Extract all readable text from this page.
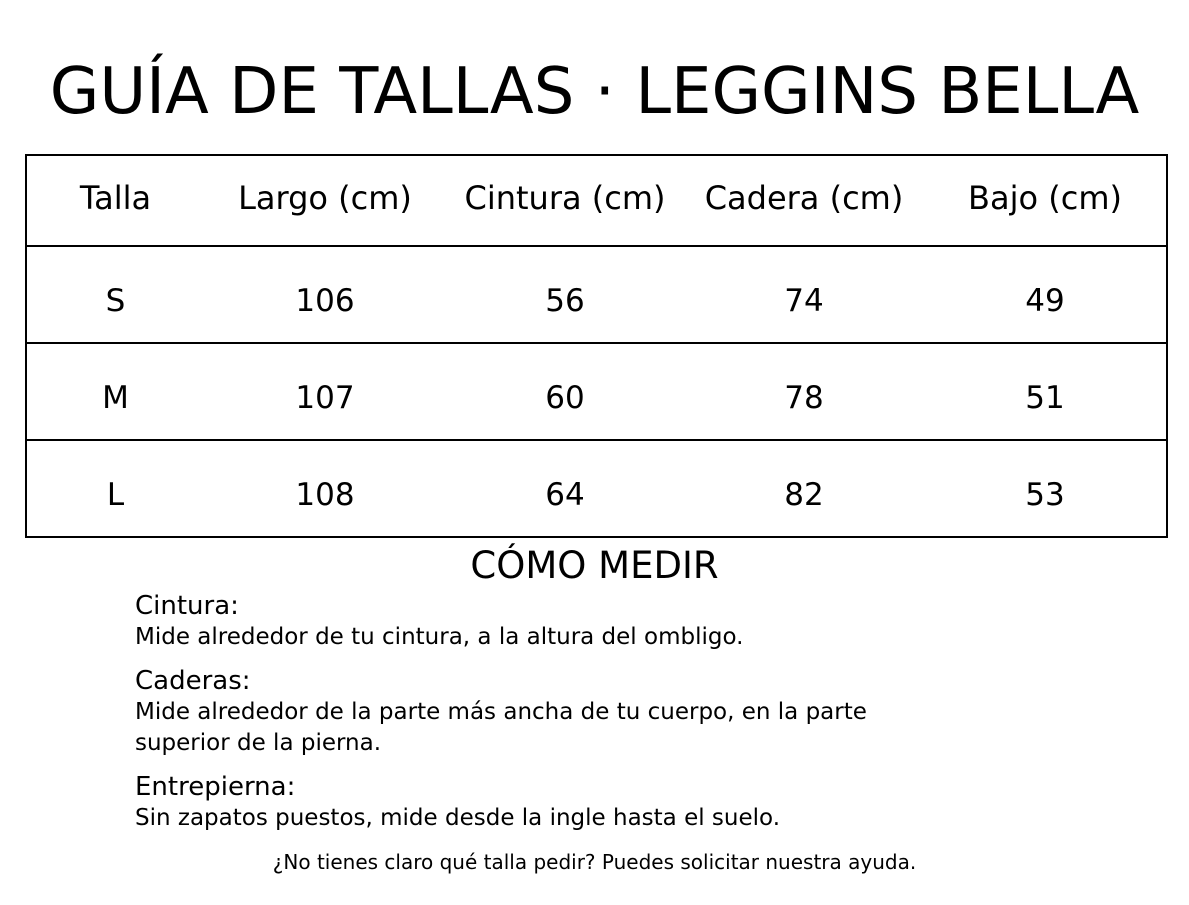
GUÍA DE TALLAS · LEGGINS BELLA
Talla	Largo (cm)	Cintura (cm)	Cadera (cm)	Bajo (cm)
S	106	56	74	49
M	107	60	78	51
L	108	64	82	53
CÓMO MEDIR
Cintura:
Mide alrededor de tu cintura, a la altura del ombligo.
Caderas:
Mide alrededor de la parte más ancha de tu cuerpo, en la parte superior de la pierna.
Entrepierna:
Sin zapatos puestos, mide desde la ingle hasta el suelo.

¿No tienes claro qué talla pedir? Puedes solicitar nuestra ayuda.
